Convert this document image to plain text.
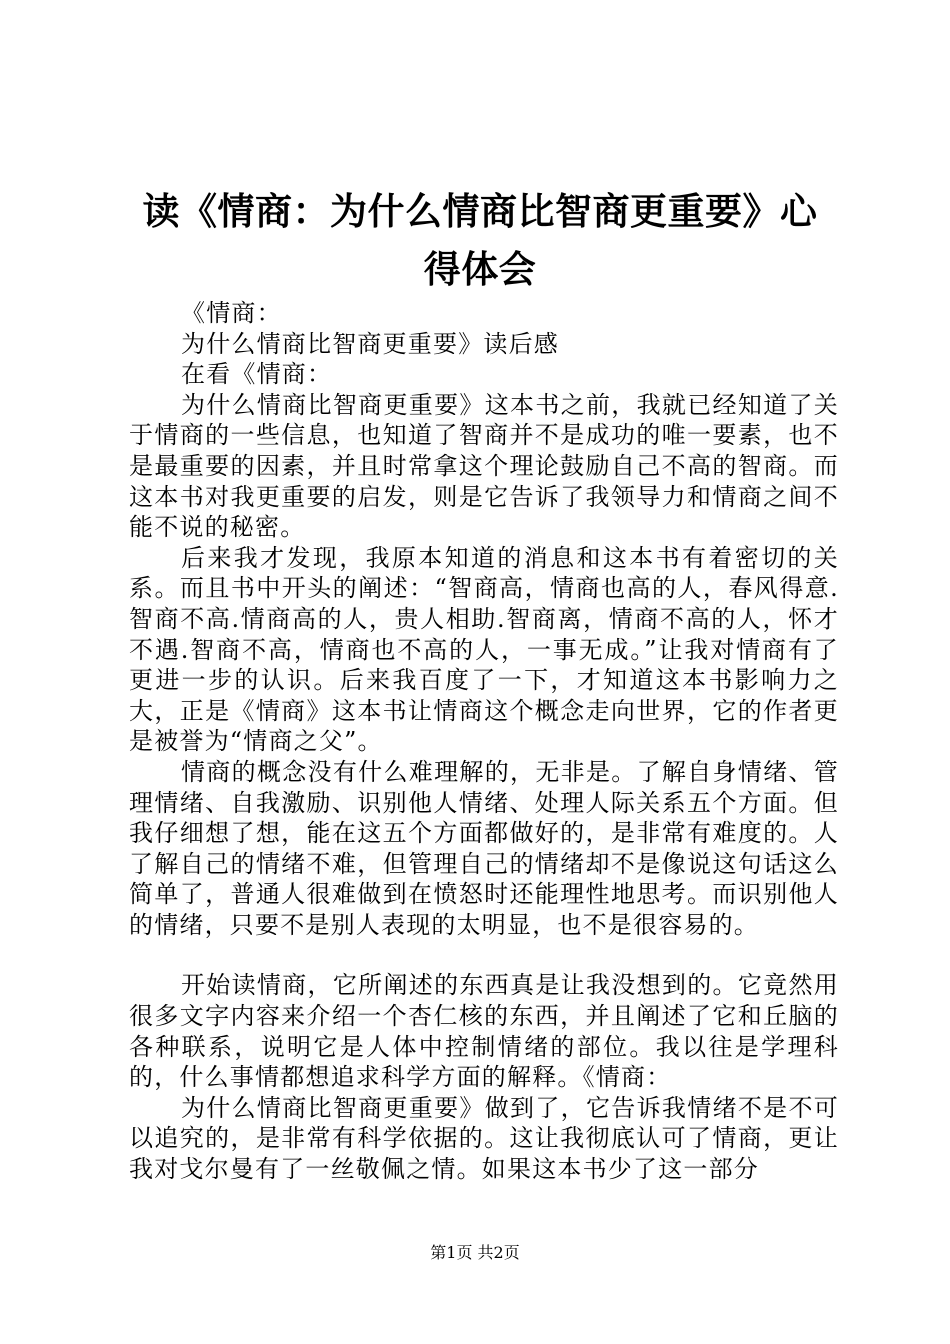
读《情商：为什么情商比智商更重要》心得体会

《情商：

为什么情商比智商更重要》读后感

在看《情商：

为什么情商比智商更重要》这本书之前，我就已经知道了关于情商的一些信息，也知道了智商并不是成功的唯一要素，也不是最重要的因素，并且时常拿这个理论鼓励自己不高的智商。而这本书对我更重要的启发，则是它告诉了我领导力和情商之间不能不说的秘密。

后来我才发现，我原本知道的消息和这本书有着密切的关系。而且书中开头的阐述：“智商高，情商也高的人，春风得意.智商不高.情商高的人，贵人相助.智商离，情商不高的人，怀才不遇.智商不高，情商也不高的人，一事无成。”让我对情商有了更进一步的认识。后来我百度了一下，才知道这本书影响力之大，正是《情商》这本书让情商这个概念走向世界，它的作者更是被誉为“情商之父”。

情商的概念没有什么难理解的，无非是。了解自身情绪、管理情绪、自我激励、识别他人情绪、处理人际关系五个方面。但我仔细想了想，能在这五个方面都做好的，是非常有难度的。人了解自己的情绪不难，但管理自己的情绪却不是像说这句话这么简单了，普通人很难做到在愤怒时还能理性地思考。而识别他人的情绪，只要不是别人表现的太明显，也不是很容易的。

开始读情商，它所阐述的东西真是让我没想到的。它竟然用很多文字内容来介绍一个杏仁核的东西，并且阐述了它和丘脑的各种联系，说明它是人体中控制情绪的部位。我以往是学理科的，什么事情都想追求科学方面的解释。《情商：

为什么情商比智商更重要》做到了，它告诉我情绪不是不可以追究的，是非常有科学依据的。这让我彻底认可了情商，更让我对戈尔曼有了一丝敬佩之情。如果这本书少了这一部分

第1页 共2页
